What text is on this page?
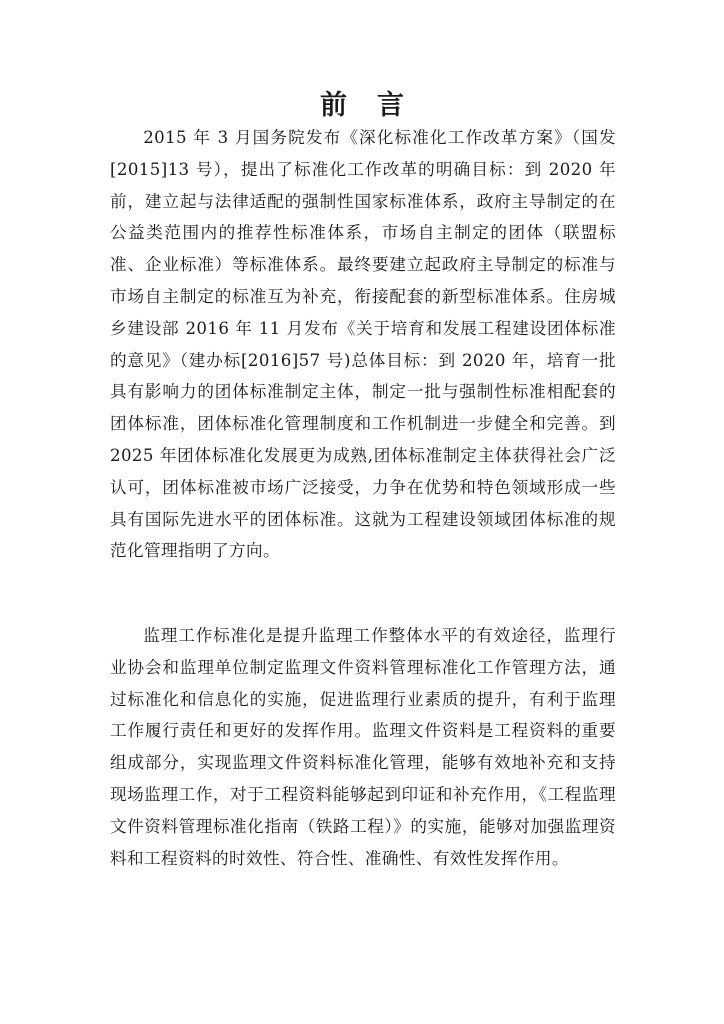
前言

2015 年 3 月国务院发布《深化标准化工作改革方案》（国发[2015]13 号），提出了标准化工作改革的明确目标：到 2020 年前，建立起与法律适配的强制性国家标准体系，政府主导制定的在公益类范围内的推荐性标准体系，市场自主制定的团体（联盟标准、企业标准）等标准体系。最终要建立起政府主导制定的标准与市场自主制定的标准互为补充，衔接配套的新型标准体系。住房城乡建设部 2016 年 11 月发布《关于培育和发展工程建设团体标准的意见》（建办标[2016]57 号)总体目标：到 2020 年，培育一批具有影响力的团体标准制定主体，制定一批与强制性标准相配套的团体标准，团体标准化管理制度和工作机制进一步健全和完善。到 2025 年团体标准化发展更为成熟,团体标准制定主体获得社会广泛认可，团体标准被市场广泛接受，力争在优势和特色领域形成一些具有国际先进水平的团体标准。这就为工程建设领域团体标准的规范化管理指明了方向。

监理工作标准化是提升监理工作整体水平的有效途径，监理行业协会和监理单位制定监理文件资料管理标准化工作管理方法，通过标准化和信息化的实施，促进监理行业素质的提升，有利于监理工作履行责任和更好的发挥作用。监理文件资料是工程资料的重要组成部分，实现监理文件资料标准化管理，能够有效地补充和支持现场监理工作，对于工程资料能够起到印证和补充作用，《工程监理文件资料管理标准化指南（铁路工程）》的实施，能够对加强监理资料和工程资料的时效性、符合性、准确性、有效性发挥作用。
